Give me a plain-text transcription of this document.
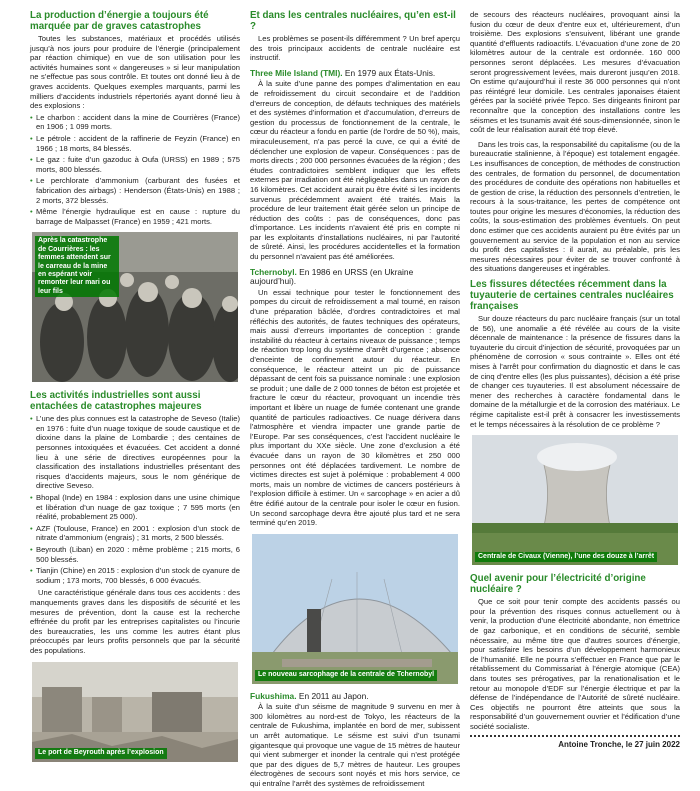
La production d’énergie a toujours été marquée par de graves catastrophes

Toutes les substances, matériaux et procédés utilisés jusqu’à nos jours pour produire de l’énergie (principalement par réaction chimique) en vue de son utilisation pour les activités humaines sont « dangereuses » si leur manipulation ne s’effectue pas sous contrôle. Et toutes ont donné lieu à de graves accidents. Quelques exemples marquants, parmi les milliers d’accidents industriels répertoriés ayant donné lieu à des explosions :

• Le charbon : accident dans la mine de Courrières (France) en 1906 ; 1 099 morts.
• Le pétrole : accident de la raffinerie de Feyzin (France) en 1966 ; 18 morts, 84 blessés.
• Le gaz : fuite d’un gazoduc à Oufa (URSS) en 1989 ; 575 morts, 800 blessés.
• Le perchlorate d’ammonium (carburant des fusées et fabrication des airbags) : Henderson (États-Unis) en 1988 ; 2 morts, 372 blessés.
• Même l’énergie hydraulique est en cause : rupture du barrage de Malpasset (France) en 1959 ; 421 morts.
Après la catastrophe de Courrières : les femmes attendent sur le carreau de la mine en espérant voir remonter leur mari ou leur fils
Les activités industrielles sont aussi entachées de catastrophes majeures
• L’une des plus connues est la catastrophe de Seveso (Italie) en 1976 : fuite d’un nuage toxique de soude caustique et de dioxine dans la plaine de Lombardie ; des centaines de personnes intoxiquées et évacuées. Cet accident a donné lieu à une série de directives européennes pour la classification des installations industrielles présentant des risques d’accidents majeurs, sous le nom générique de directive Seveso.
• Bhopal (Inde) en 1984 : explosion dans une usine chimique et libération d’un nuage de gaz toxique ; 7 595 morts (en réalité, probablement 25 000).
• AZF (Toulouse, France) en 2001 : explosion d’un stock de nitrate d’ammonium (engrais) ; 31 morts, 2 500 blessés.
• Beyrouth (Liban) en 2020 : même problème ; 215 morts, 6 500 blessés.
• Tianjin (Chine) en 2015 : explosion d’un stock de cyanure de sodium ; 173 morts, 700 blessés, 6 000 évacués.

Une caractéristique générale dans tous ces accidents : des manquements graves dans les dispositifs de sécurité et les mesures de prévention, dont la cause est la recherche effrénée du profit par les entreprises capitalistes ou l’incurie des bureaucraties, les uns comme les autres étant plus préoccupés par leurs profits personnels que par la sécurité des populations.

Le port de Beyrouth après l’explosion
Et dans les centrales nucléaires, qu’en est-il ?

Les problèmes se posent-ils différemment ? Un bref aperçu des trois principaux accidents de centrale nucléaire est instructif.

Three Mile Island (TMI). En 1979 aux États-Unis.

À la suite d’une panne des pompes d’alimentation en eau de refroidissement du circuit secondaire et de l’addition d’erreurs de conception, de défauts techniques des matériels et des systèmes d’information et d’accumulation, d’erreurs de gestion du processus de fonctionnement de la centrale, le cœur du réacteur a fondu en partie (de l’ordre de 50 %), mais, miraculeusement, n’a pas percé la cuve, ce qui a évité de déclencher une explosion de vapeur. Conséquences : pas de morts directs ; 200 000 personnes évacuées de la région ; des études contradictoires semblent indiquer que les effets externes par irradiation ont été négligeables dans un rayon de 16 kilomètres. Cet accident aurait pu être évité si les incidents survenus précédemment avaient été traités. Mais la procédure de leur traitement était gérée selon un principe de réduction des coûts : pas de conséquences, donc pas d’importance. Les incidents n’avaient été pris en compte ni par les exploitants d’installations nucléaires, ni par l’autorité de sûreté. Ainsi, les procédures accidentelles et la formation du personnel n’avaient pas été améliorées.

Tchernobyl. En 1986 en URSS (en Ukraine aujourd’hui).

Un essai technique pour tester le fonctionnement des pompes du circuit de refroidissement a mal tourné, en raison d’une préparation bâclée, d’ordres contradictoires et mal réfléchis des autorités, de fautes techniques des opérateurs, mais aussi d’erreurs importantes de conception : grande instabilité du réacteur à certains niveaux de puissance ; temps de réaction trop long du système d’arrêt d’urgence ; absence d’enceinte de confinement autour du réacteur. En conséquence, le réacteur atteint un pic de puissance dépassant de cent fois sa puissance nominale : une explosion se produit ; une dalle de 2 000 tonnes de béton est projetée et fracture le cœur du réacteur, provoquant un incendie très important et libère un nuage de fumée contenant une grande quantité de particules radioactives. Ce nuage dérivera dans l’atmosphère et viendra impacter une grande partie de l’Europe. Par ses conséquences, c’est l’accident nucléaire le plus important du XXe siècle. Une zone d’exclusion a été évacuée dans un rayon de 30 kilomètres et 250 000 personnes ont été déplacées tardivement. Le nombre de victimes directes est sujet à polémique : probablement 4 000 morts, mais un nombre de victimes de cancers postérieurs à l’explosion difficile à estimer. Un « sarcophage » en acier a dû être édifié autour de la centrale pour isoler le cœur en fusion. Un second sarcophage devra être ajouté plus tard et ne sera terminé qu’en 2019.

Le nouveau sarcophage de la centrale de Tchernobyl
Fukushima. En 2011 au Japon.

À la suite d’un séisme de magnitude 9 survenu en mer à 300 kilomètres au nord-est de Tokyo, les réacteurs de la centrale de Fukushima, implantée en bord de mer, subissent un arrêt automatique. Le séisme est suivi d’un tsunami gigantesque qui provoque une vague de 15 mètres de hauteur qui vient submerger et inonder la centrale qui n’est protégée que par des digues de 5,7 mètres de hauteur. Les groupes électrogènes de secours sont noyés et mis hors service, ce qui entraîne l’arrêt des systèmes de refroidissement

de secours des réacteurs nucléaires, provoquant ainsi la fusion du cœur de deux d’entre eux et, ultérieurement, d’un troisième. Des explosions s’ensuivent, libérant une grande quantité d’effluents radioactifs. L’évacuation d’une zone de 20 kilomètres autour de la centrale est ordonnée. 160 000 personnes seront déplacées. Les mesures d’évacuation seront progressivement levées, mais dureront jusqu’en 2018. On estime qu’aujourd’hui il reste 36 000 personnes qui n’ont pas réintégré leur domicile. Les centrales japonaises étaient gérées par la société privée Tepco. Ses dirigeants finiront par reconnaître que la conception des installations contre les séismes et les tsunamis avait été sous-dimensionnée, sinon le coût de leur réalisation aurait été trop élevé.

Dans les trois cas, la responsabilité du capitalisme (ou de la bureaucratie stalinienne, à l’époque) est totalement engagée. Les insuffisances de conception, de méthodes de construction des centrales, de formation du personnel, de documentation des procédures de conduite des opérations non habituelles et de gestion de crise, la réduction des personnels d’entretien, le recours à la sous-traitance, les pertes de compétence ont toutes pour origine les mesures d’économies, la réduction des coûts, la sous-estimation des problèmes éventuels. On peut donc estimer que ces accidents auraient pu être évités par un gouvernement au service de la population et non au service du profit des capitalistes : il aurait, au préalable, pris les mesures nécessaires pour éviter de se trouver confronté à des situations dangereuses et ingérables.

Les fissures détectées récemment dans la tuyauterie de certaines centrales nucléaires françaises

Sur douze réacteurs du parc nucléaire français (sur un total de 56), une anomalie a été révélée au cours de la visite décennale de maintenance : la présence de fissures dans la tuyauterie du circuit d’injection de sécurité, provoquées par un phénomène de corrosion « sous contrainte ». Elles ont été mises à l’arrêt pour confirmation du diagnostic et dans le cas de cinq d’entre elles (les plus puissantes), décision a été prise de changer ces tuyauteries. Il est absolument nécessaire de mener des recherches à caractère fondamental dans le domaine de la métallurgie et de la corrosion des matériaux. Le régime capitaliste est-il prêt à consacrer les investissements et le temps nécessaires à la résolution de ce problème ?

Centrale de Civaux (Vienne), l’une des douze à l’arrêt
Quel avenir pour l’électricité d’origine nucléaire ?

Que ce soit pour tenir compte des accidents passés ou pour la prévention des risques connus actuellement ou à venir, la production d’une électricité abondante, non émettrice de gaz carbonique, et en conditions de sécurité, semble nécessaire, au même titre que d’autres sources d’énergie, pour satisfaire les besoins d’un développement harmonieux de l’humanité. Elle ne pourra s’effectuer en France que par le rétablissement du Commissariat à l’énergie atomique (CEA) dans toutes ses prérogatives, par la renationalisation et le retour au monopole d’EDF sur l’énergie électrique et par la défense de l’indépendance de l’Autorité de sûreté nucléaire. Ces objectifs ne pourront être atteints que sous la responsabilité d’un gouvernement ouvrier et l’édification d’une société socialiste.

Antoine Tronche, le 27 juin 2022
